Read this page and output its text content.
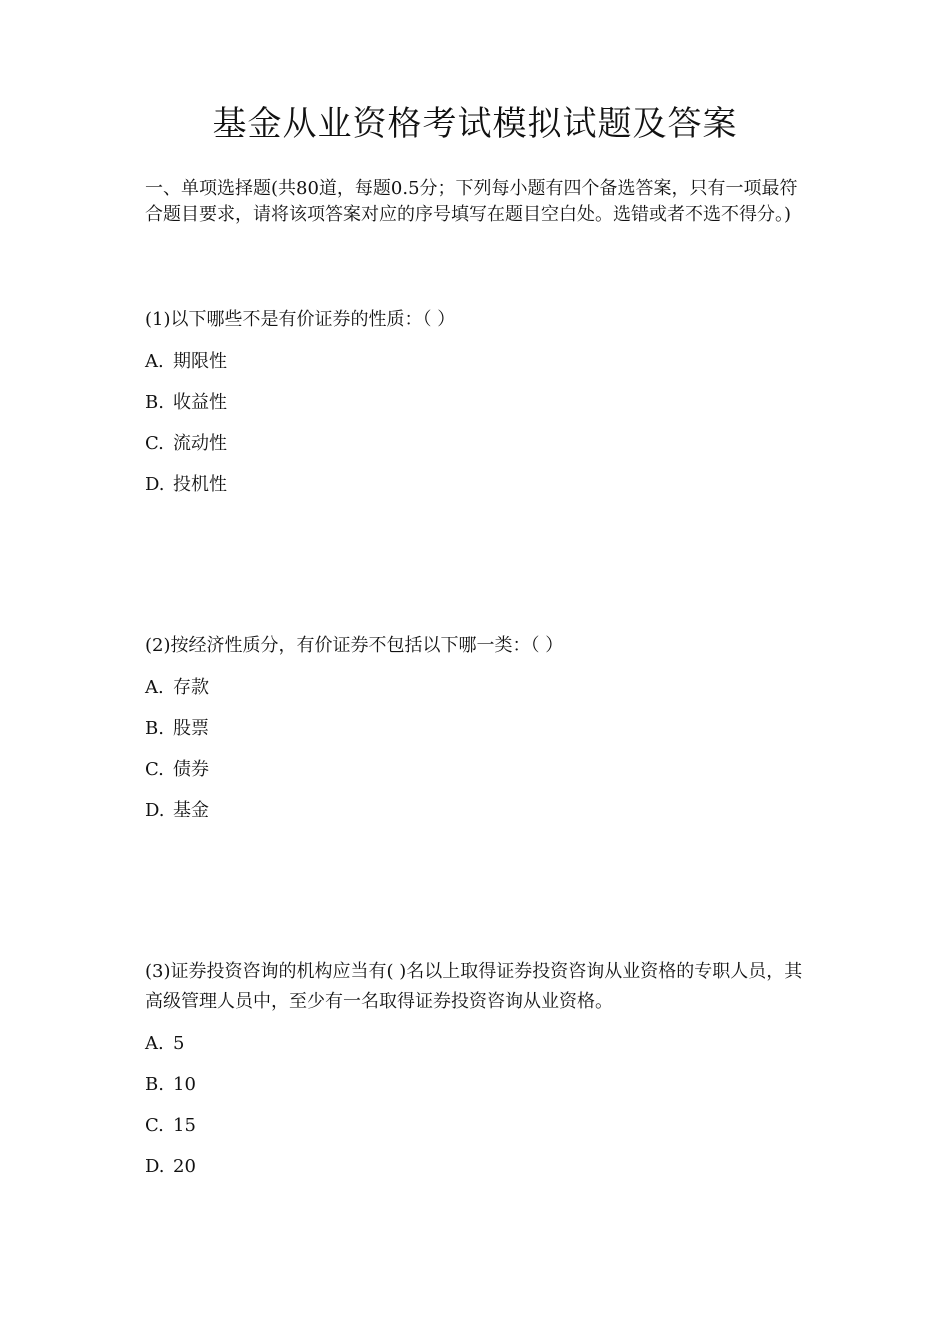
基金从业资格考试模拟试题及答案
一、单项选择题(共80道，每题0.5分；下列每小题有四个备选答案，只有一项最符合题目要求，请将该项答案对应的序号填写在题目空白处。选错或者不选不得分。)

(1)以下哪些不是有价证券的性质：（ ）

A. 期限性
B. 收益性
C. 流动性
D. 投机性

(2)按经济性质分，有价证券不包括以下哪一类：（ ）

A. 存款
B. 股票
C. 债券
D. 基金

(3)证券投资咨询的机构应当有( )名以上取得证券投资咨询从业资格的专职人员，其高级管理人员中，至少有一名取得证券投资咨询从业资格。

A. 5
B. 10
C. 15
D. 20
